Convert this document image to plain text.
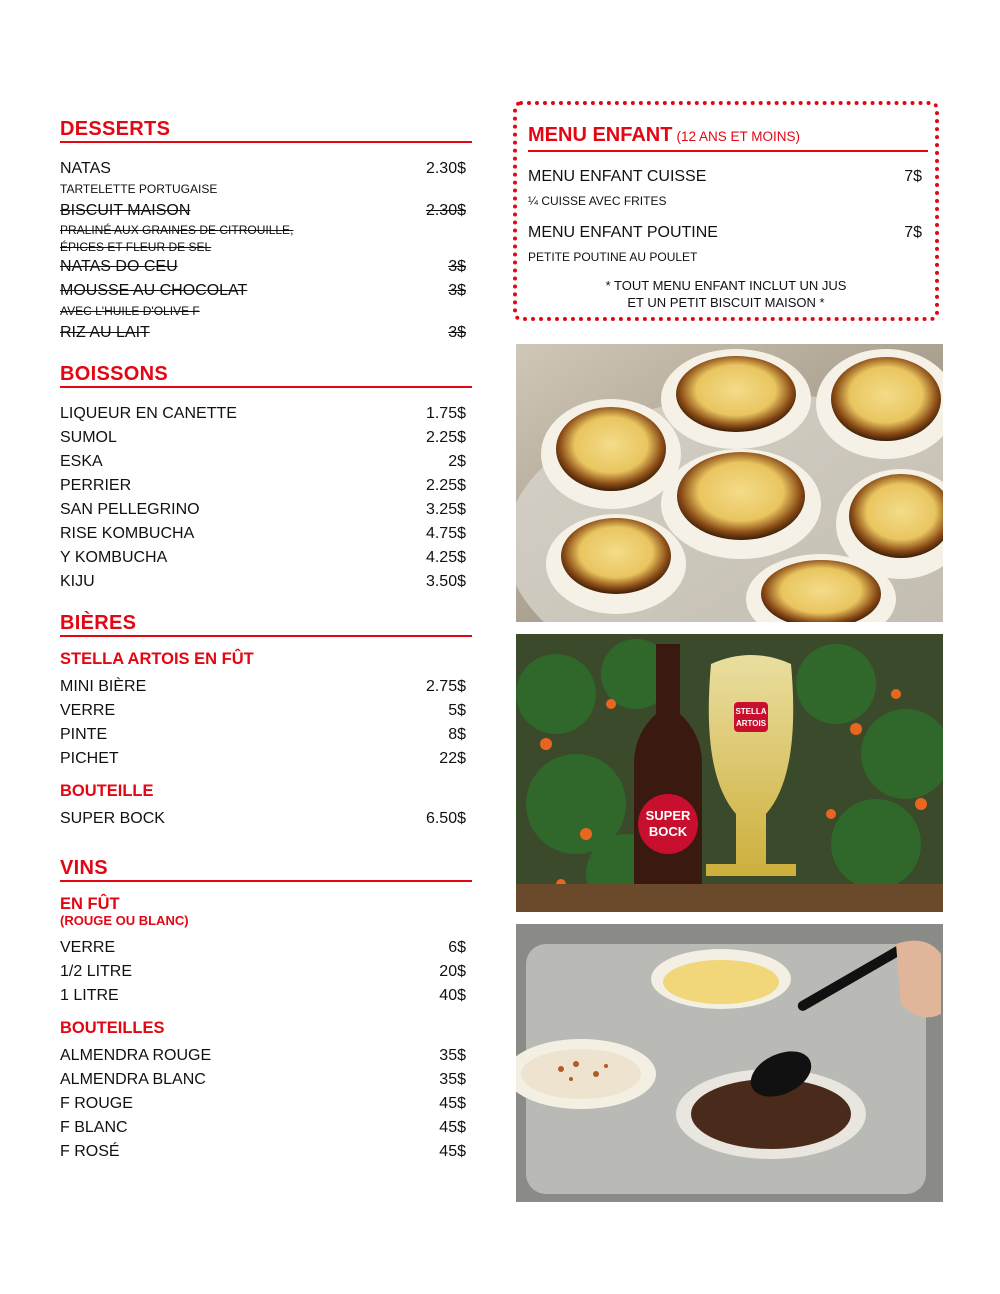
DESSERTS
NATAS	2.30$
TARTELETTE PORTUGAISE
BISCUIT MAISON	2.30$
PRALINÉ AUX GRAINES DE CITROUILLE,
ÉPICES ET FLEUR DE SEL
NATAS DO CEU	3$
MOUSSE AU CHOCOLAT	3$
AVEC L'HUILE D'OLIVE F
RIZ AU LAIT	3$
BOISSONS
LIQUEUR EN CANETTE	1.75$
SUMOL	2.25$
ESKA	2$
PERRIER	2.25$
SAN PELLEGRINO	3.25$
RISE KOMBUCHA	4.75$
Y KOMBUCHA	4.25$
KIJU	3.50$
BIÈRES
STELLA ARTOIS EN FÛT
MINI BIÈRE	2.75$
VERRE	5$
PINTE	8$
PICHET	22$
BOUTEILLE
SUPER BOCK	6.50$
VINS
EN FÛT
(ROUGE OU BLANC)
VERRE	6$
1/2 LITRE	20$
1 LITRE	40$
BOUTEILLES
ALMENDRA ROUGE	35$
ALMENDRA BLANC	35$
F ROUGE	45$
F BLANC	45$
F ROSÉ	45$
MENU ENFANT (12 ANS ET MOINS)
MENU ENFANT CUISSE	7$
¼ CUISSE AVEC FRITES
MENU ENFANT POUTINE	7$
PETITE POUTINE AU POULET
* TOUT MENU ENFANT INCLUT UN JUS
ET UN PETIT BISCUIT MAISON *
SUPER
BOCK
STELLA
ARTOIS
